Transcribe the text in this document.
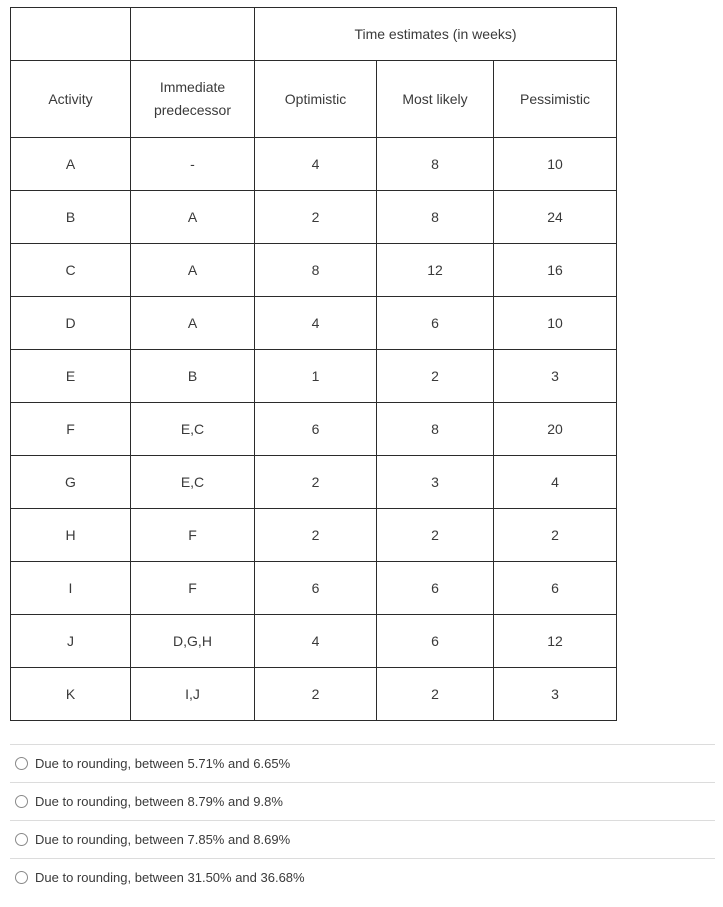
		Time estimates (in weeks)		
Activity	Immediate predecessor	Optimistic	Most likely	Pessimistic
A	-	4	8	10
B	A	2	8	24
C	A	8	12	16
D	A	4	6	10
E	B	1	2	3
F	E,C	6	8	20
G	E,C	2	3	4
H	F	2	2	2
I	F	6	6	6
J	D,G,H	4	6	12
K	I,J	2	2	3
Due to rounding, between 5.71% and 6.65%
Due to rounding, between 8.79% and 9.8%
Due to rounding, between 7.85% and 8.69%
Due to rounding, between 31.50% and 36.68%
